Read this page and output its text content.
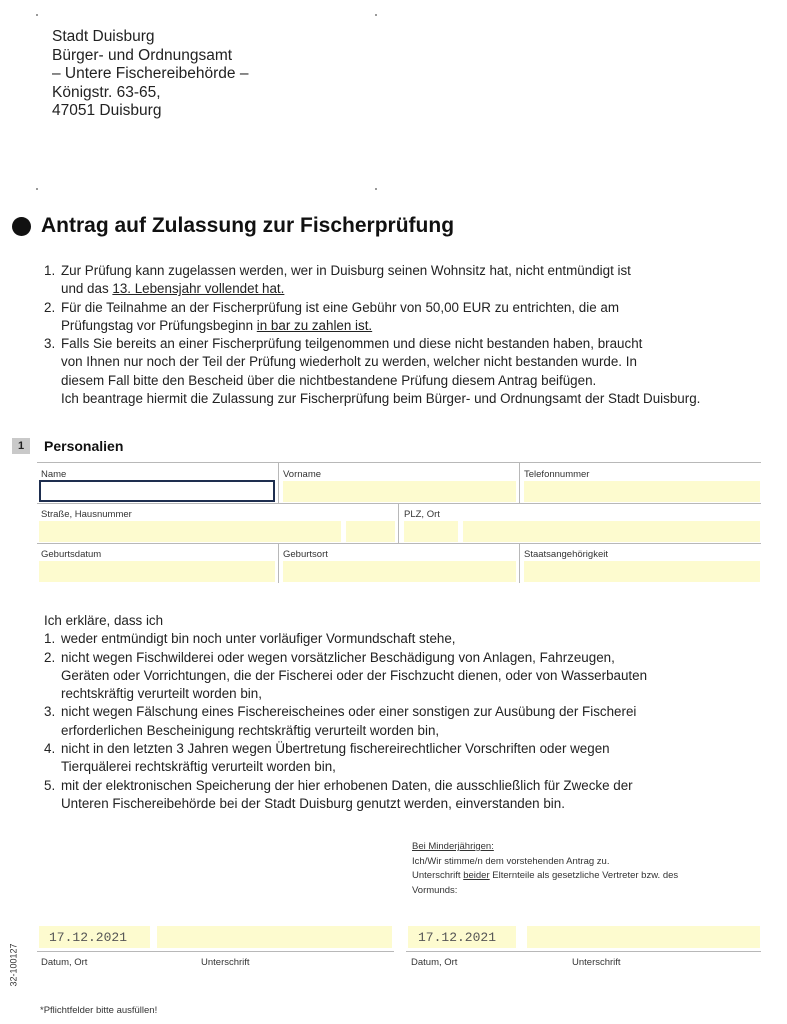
Stadt Duisburg
Bürger- und Ordnungsamt
– Untere Fischereibehörde –
Königstr. 63-65,
47051 Duisburg
Antrag auf Zulassung zur Fischerprüfung
1. Zur Prüfung kann zugelassen werden, wer in Duisburg seinen Wohnsitz hat, nicht entmündigt ist
und das 13. Lebensjahr vollendet hat.
2. Für die Teilnahme an der Fischerprüfung ist eine Gebühr von 50,00 EUR zu entrichten, die am
Prüfungstag vor Prüfungsbeginn in bar zu zahlen ist.
3. Falls Sie bereits an einer Fischerprüfung teilgenommen und diese nicht bestanden haben, braucht
von Ihnen nur noch der Teil der Prüfung wiederholt zu werden, welcher nicht bestanden wurde. In
diesem Fall bitte den Bescheid über die nichtbestandene Prüfung diesem Antrag beifügen.
Ich beantrage hiermit die Zulassung zur Fischerprüfung beim Bürger- und Ordnungsamt der Stadt Duisburg.
1	Personalien
Name	Vorname	Telefonnummer
Straße, Hausnummer	PLZ, Ort
Geburtsdatum	Geburtsort	Staatsangehörigkeit
Ich erkläre, dass ich
1. weder entmündigt bin noch unter vorläufiger Vormundschaft stehe,
2. nicht wegen Fischwilderei oder wegen vorsätzlicher Beschädigung von Anlagen, Fahrzeugen,
Geräten oder Vorrichtungen, die der Fischerei oder der Fischzucht dienen, oder von Wasserbauten
rechtskräftig verurteilt worden bin,
3. nicht wegen Fälschung eines Fischereischeines oder einer sonstigen zur Ausübung der Fischerei
erforderlichen Bescheinigung rechtskräftig verurteilt worden bin,
4. nicht in den letzten 3 Jahren wegen Übertretung fischereirechtlicher Vorschriften oder wegen
Tierquälerei rechtskräftig verurteilt worden bin,
5. mit der elektronischen Speicherung der hier erhobenen Daten, die ausschließlich für Zwecke der
Unteren Fischereibehörde bei der Stadt Duisburg genutzt werden, einverstanden bin.
Bei Minderjährigen:
Ich/Wir stimme/n dem vorstehenden Antrag zu.
Unterschrift beider Elternteile als gesetzliche Vertreter bzw. des
Vormunds:
17.12.2021
17.12.2021
Datum, Ort	Unterschrift	Datum, Ort	Unterschrift
32-100127
*Pflichtfelder bitte ausfüllen!
